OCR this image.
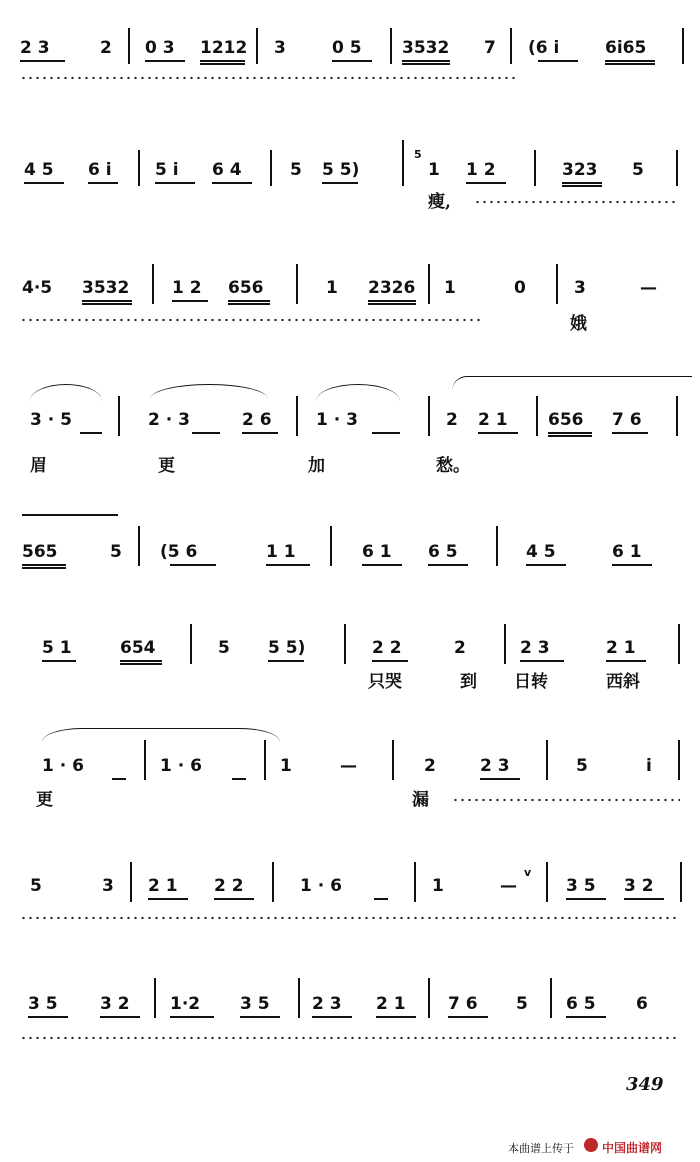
2 3	2 0 3 1212 3	0 5 3532 7 (6 i	6i65
4 5 6 i	5 i 6 4	5 5 5)
5
1 1 2	323 5
瘦,
4·5 3532	1 2 656	1 2326 1	0	3	—
娥
3 · 5	2 · 3	2 6	1 · 3	2 2 1 656 7 6
眉	更	加	愁。
565	5 (5 6	1 1	6 1 6 5	4 5	6 1
5 1	654	5 5 5)	2 2	2	2 3	2 1
只哭	到 日转	西斜
1 · 6	1 · 6	1	—	2	2 3	5	i
更	漏
5	3 2 1 2 2	1 · 6	1	—
v
3 5 3 2
3 5 3 2 1·2 3 5 2 3 2 1 7 6 5 6 5 6
349
本曲谱上传于 中国曲谱网
